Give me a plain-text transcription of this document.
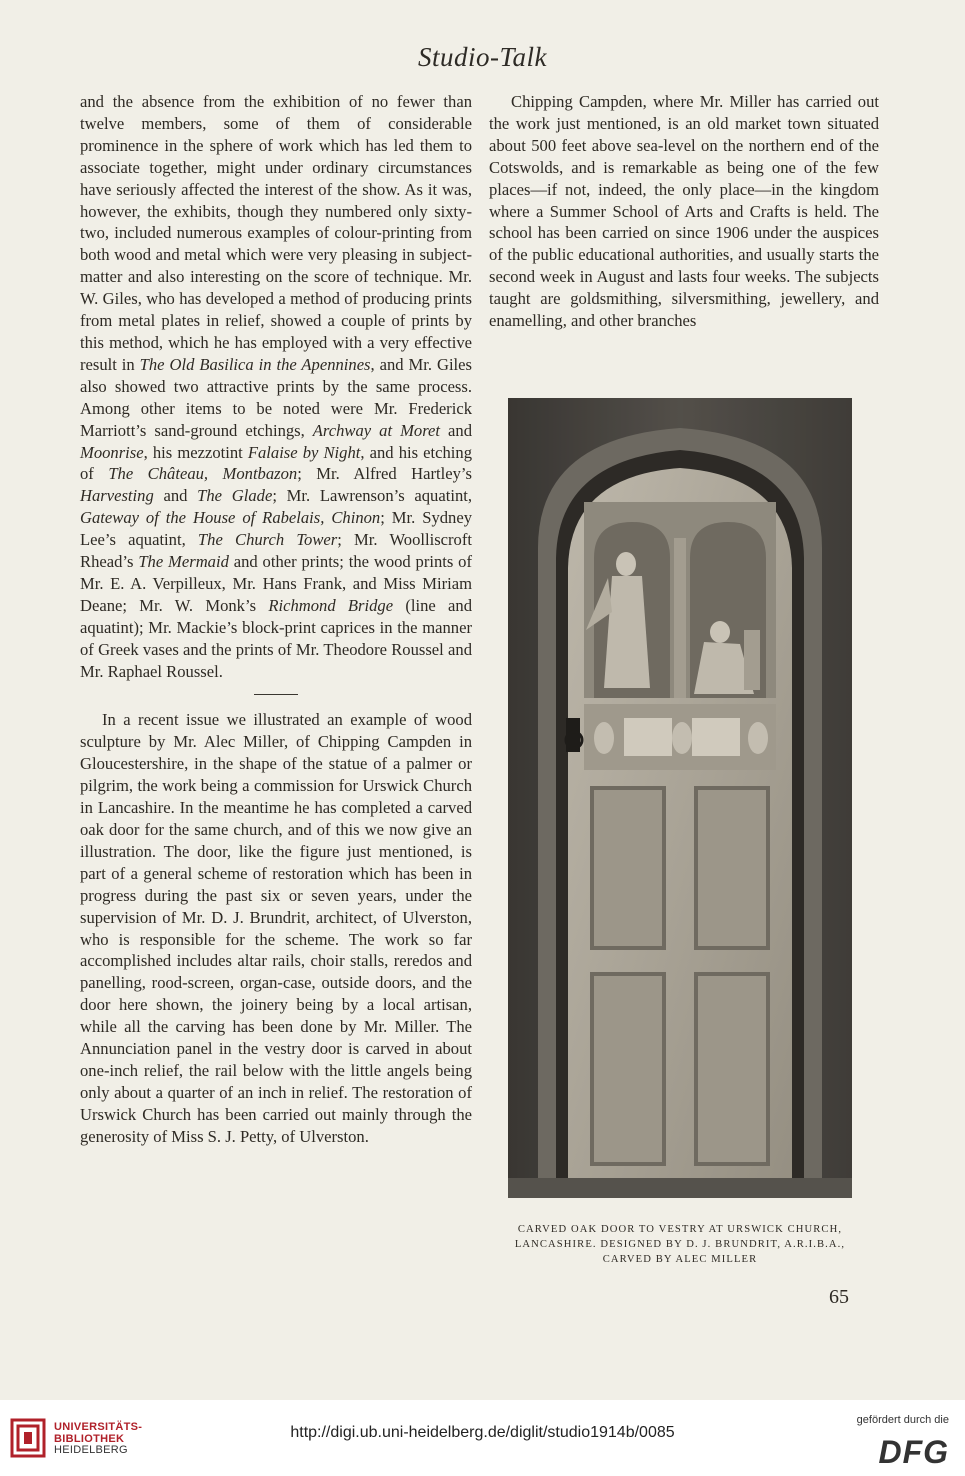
Studio-Talk

and the absence from the exhibition of no fewer than twelve members, some of them of considerable prominence in the sphere of work which has led them to associate together, might under ordinary circumstances have seriously affected the interest of the show. As it was, however, the exhibits, though they numbered only sixty-two, included numerous examples of colour-printing from both wood and metal which were very pleasing in subject-matter and also interesting on the score of technique. Mr. W. Giles, who has developed a method of producing prints from metal plates in relief, showed a couple of prints by this method, which he has employed with a very effective result in The Old Basilica in the Apennines, and Mr. Giles also showed two attractive prints by the same process. Among other items to be noted were Mr. Frederick Marriott’s sand-ground etchings, Archway at Moret and Moonrise, his mezzotint Falaise by Night, and his etching of The Château, Montbazon; Mr. Alfred Hartley’s Harvesting and The Glade; Mr. Lawrenson’s aquatint, Gateway of the House of Rabelais, Chinon; Mr. Sydney Lee’s aquatint, The Church Tower; Mr. Woolliscroft Rhead’s The Mermaid and other prints; the wood prints of Mr. E. A. Verpilleux, Mr. Hans Frank, and Miss Miriam Deane; Mr. W. Monk’s Richmond Bridge (line and aquatint); Mr. Mackie’s block-print caprices in the manner of Greek vases and the prints of Mr. Theodore Roussel and Mr. Raphael Roussel.

In a recent issue we illustrated an example of wood sculpture by Mr. Alec Miller, of Chipping Campden in Gloucestershire, in the shape of the statue of a palmer or pilgrim, the work being a commission for Urswick Church in Lancashire. In the meantime he has completed a carved oak door for the same church, and of this we now give an illustration. The door, like the figure just mentioned, is part of a general scheme of restoration which has been in progress during the past six or seven years, under the supervision of Mr. D. J. Brundrit, architect, of Ulverston, who is responsible for the scheme. The work so far accomplished includes altar rails, choir stalls, reredos and panelling, rood-screen, organ-case, outside doors, and the door here shown, the joinery being by a local artisan, while all the carving has been done by Mr. Miller. The Annunciation panel in the vestry door is carved in about one-inch relief, the rail below with the little angels being only about a quarter of an inch in relief. The restoration of Urswick Church has been carried out mainly through the generosity of Miss S. J. Petty, of Ulverston.

Chipping Campden, where Mr. Miller has carried out the work just mentioned, is an old market town situated about 500 feet above sea-level on the northern end of the Cotswolds, and is remarkable as being one of the few places—if not, indeed, the only place—in the kingdom where a Summer School of Arts and Crafts is held. The school has been carried on since 1906 under the auspices of the public educational authorities, and usually starts the second week in August and lasts four weeks. The subjects taught are goldsmithing, silversmithing, jewellery, and enamelling, and other branches

CARVED OAK DOOR TO VESTRY AT URSWICK CHURCH, LANCASHIRE. DESIGNED BY D. J. BRUNDRIT, A.R.I.B.A., CARVED BY ALEC MILLER
65
UNIVERSITÄTS-
BIBLIOTHEK
HEIDELBERG
http://digi.ub.uni-heidelberg.de/diglit/studio1914b/0085
gefördert durch die
DFG
